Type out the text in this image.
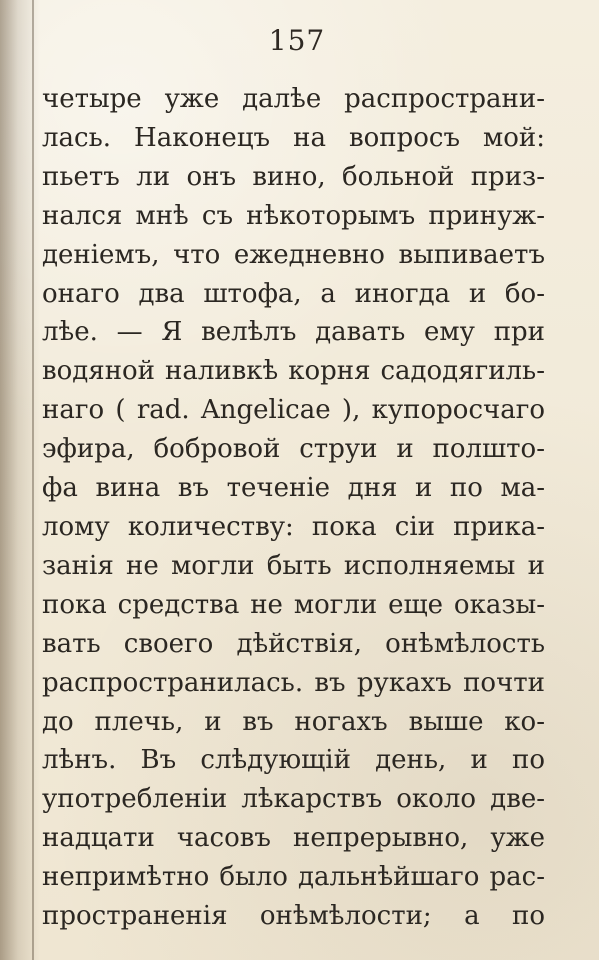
157
четыре уже далѣе распространи-
лась. Наконецъ на вопросъ мой:
пьетъ ли онъ вино, больной приз-
нался мнѣ съ нѣкоторымъ принуж-
денiемъ, что ежедневно выпиваетъ
онаго два штофа, а иногда и бо-
лѣе. — Я велѣлъ давать ему при
водяной наливкѣ корня садодягиль-
наго ( rad. Angelicae ), купоросчаго
эфира, бобровой струи и полшто-
фа вина въ теченiе дня и по ма-
лому количеству: пока сiи прика-
занiя не могли быть исполняемы и
пока средства не могли еще оказы-
вать своего дѣйствiя, онѣмѣлость
распространилась. въ рукахъ почти
до плечь, и въ ногахъ выше ко-
лѣнъ. Въ слѣдующiй день, и по
употребленiи лѣкарствъ около две-
надцати часовъ непрерывно, уже
непримѣтно было дальнѣйшаго рас-
пространенiя онѣмѣлости; а по
